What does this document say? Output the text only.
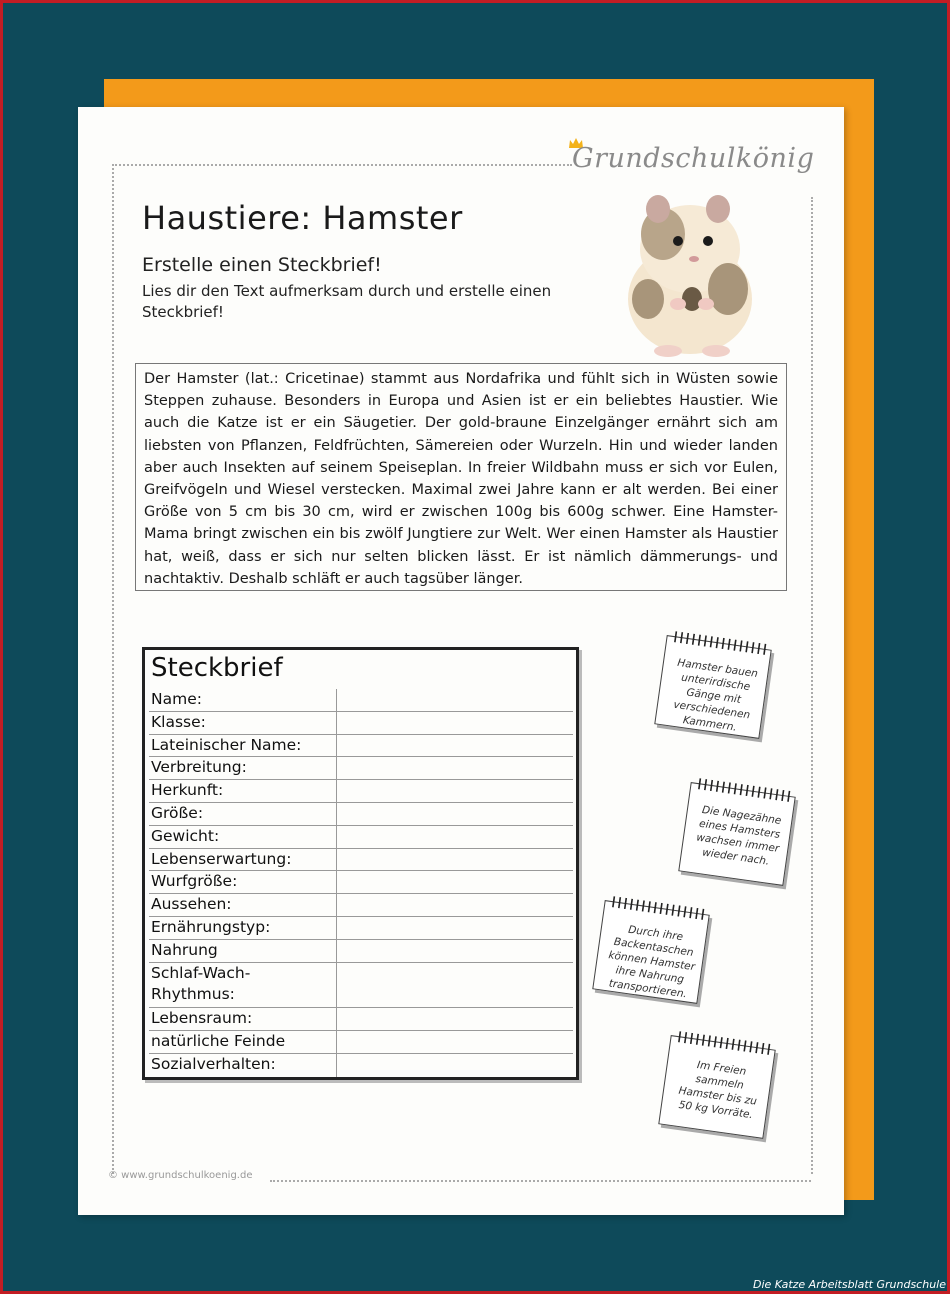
Grundschulkönig
Haustiere: Hamster
Erstelle einen Steckbrief!
Lies dir den Text aufmerksam durch und erstelle einen Steckbrief!
Der Hamster (lat.: Cricetinae) stammt aus Nordafrika und fühlt sich in Wüsten sowie Steppen zuhause. Besonders in Europa und Asien ist er ein beliebtes Haustier. Wie auch die Katze ist er ein Säugetier. Der gold-braune Einzelgänger ernährt sich am liebsten von Pflanzen, Feldfrüchten, Sämereien oder Wurzeln. Hin und wieder landen aber auch Insekten auf seinem Speiseplan. In freier Wildbahn muss er sich vor Eulen, Greifvögeln und Wiesel verstecken. Maximal zwei Jahre kann er alt werden. Bei einer Größe von 5 cm bis 30 cm, wird er zwischen 100g bis 600g schwer. Eine Hamster-Mama bringt zwischen ein bis zwölf Jungtiere zur Welt. Wer einen Hamster als Haustier hat, weiß, dass er sich nur selten blicken lässt. Er ist nämlich dämmerungs- und nachtaktiv. Deshalb schläft er auch tagsüber länger.
Steckbrief
Name:
Klasse:
Lateinischer Name:
Verbreitung:
Herkunft:
Größe:
Gewicht:
Lebenserwartung:
Wurfgröße:
Aussehen:
Ernährungstyp:
Nahrung
Schlaf-Wach-
Rhythmus:
Lebensraum:
natürliche Feinde
Sozialverhalten:
Hamster bauen unterirdische Gänge mit verschiedenen Kammern.
Die Nagezähne eines Hamsters wachsen immer wieder nach.
Durch ihre Backentaschen können Hamster ihre Nahrung transportieren.
Im Freien sammeln Hamster bis zu 50 kg Vorräte.
© www.grundschulkoenig.de
Die Katze Arbeitsblatt Grundschule
